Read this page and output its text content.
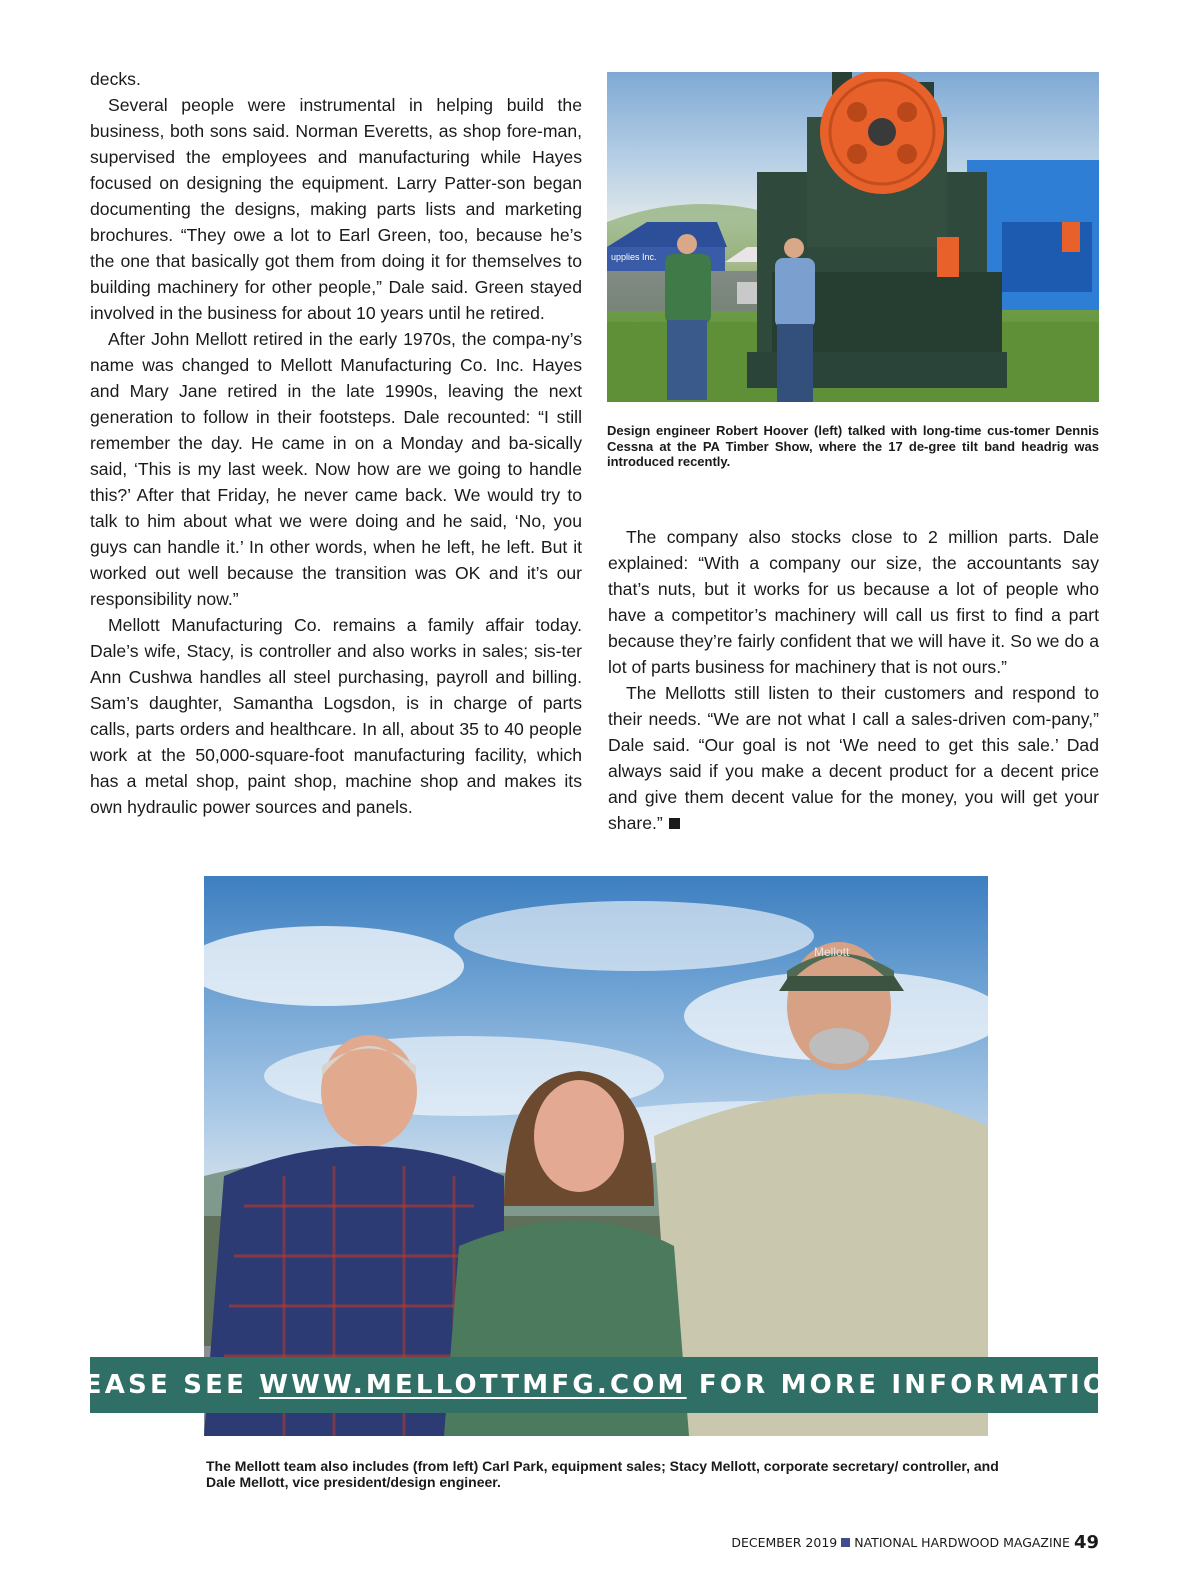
decks.

Several people were instrumental in helping build the business, both sons said. Norman Everetts, as shop fore-man, supervised the employees and manufacturing while Hayes focused on designing the equipment. Larry Patter-son began documenting the designs, making parts lists and marketing brochures. “They owe a lot to Earl Green, too, because he’s the one that basically got them from doing it for themselves to building machinery for other people,” Dale said. Green stayed involved in the business for about 10 years until he retired.

After John Mellott retired in the early 1970s, the compa-ny’s name was changed to Mellott Manufacturing Co. Inc. Hayes and Mary Jane retired in the late 1990s, leaving the next generation to follow in their footsteps. Dale recounted: “I still remember the day. He came in on a Monday and ba-sically said, ‘This is my last week. Now how are we going to handle this?’ After that Friday, he never came back. We would try to talk to him about what we were doing and he said, ‘No, you guys can handle it.’ In other words, when he left, he left. But it worked out well because the transition was OK and it’s our responsibility now.”

Mellott Manufacturing Co. remains a family affair today. Dale’s wife, Stacy, is controller and also works in sales; sis-ter Ann Cushwa handles all steel purchasing, payroll and billing. Sam’s daughter, Samantha Logsdon, is in charge of parts calls, parts orders and healthcare. In all, about 35 to 40 people work at the 50,000-square-foot manufacturing facility, which has a metal shop, paint shop, machine shop and makes its own hydraulic power sources and panels.

upplies Inc.
Design engineer Robert Hoover (left) talked with long-time cus-tomer Dennis Cessna at the PA Timber Show, where the 17 de-gree tilt band headrig was introduced recently.

The company also stocks close to 2 million parts. Dale explained: “With a company our size, the accountants say that’s nuts, but it works for us because a lot of people who have a competitor’s machinery will call us first to find a part because they’re fairly confident that we will have it. So we do a lot of parts business for machinery that is not ours.”

The Mellotts still listen to their customers and respond to their needs. “We are not what I call a sales-driven com-pany,” Dale said. “Our goal is not ‘We need to get this sale.’ Dad always said if you make a decent product for a decent price and give them decent value for the money, you will get your share.”

Mellott
PLEASE SEE WWW.MELLOTTMFG.COM FOR MORE INFORMATION.
The Mellott team also includes (from left) Carl Park, equipment sales; Stacy Mellott, corporate secretary/ controller, and Dale Mellott, vice president/design engineer.
DECEMBER 2019 NATIONAL HARDWOOD MAGAZINE 49
